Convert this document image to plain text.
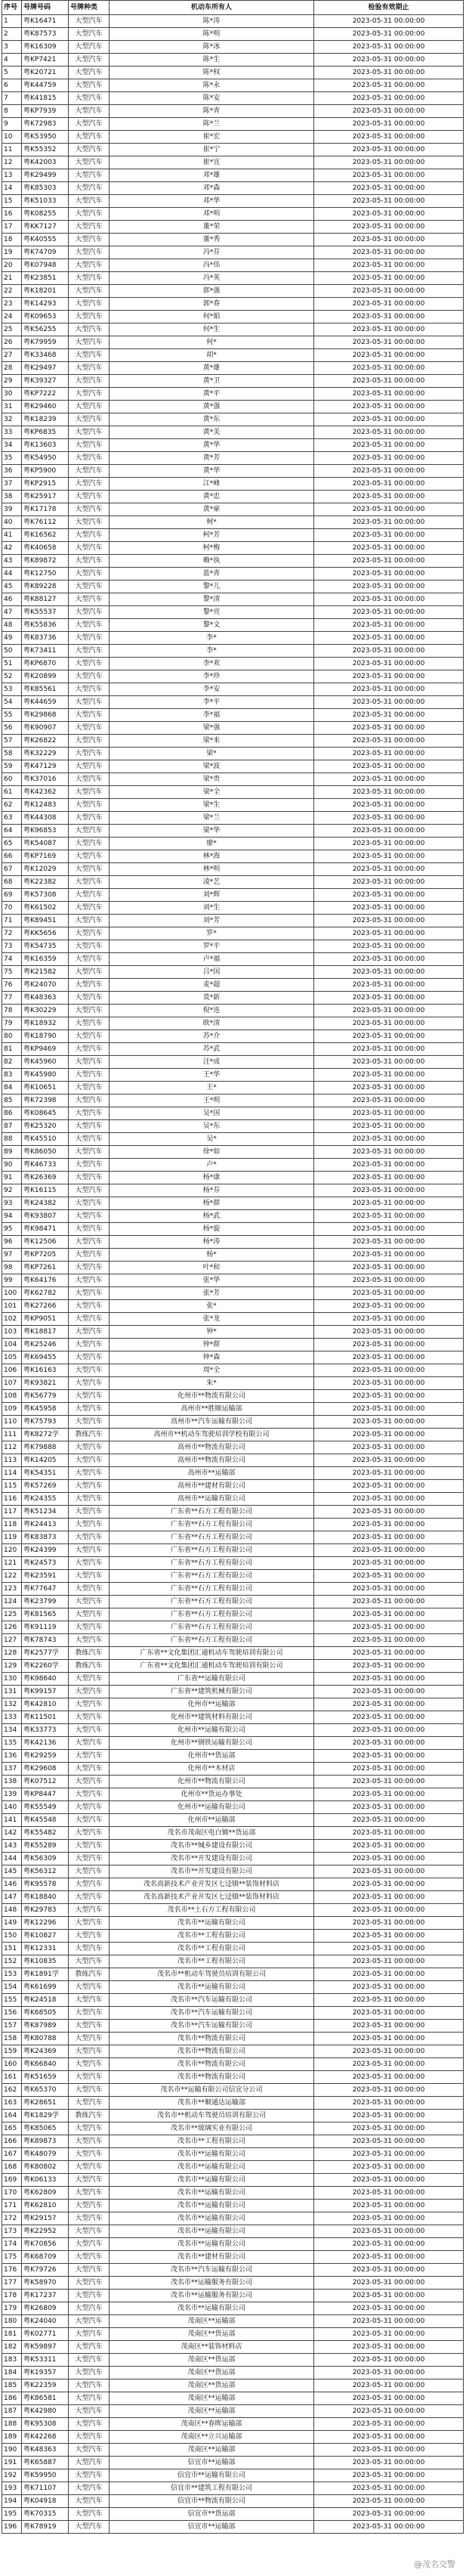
序号	号牌号码	号牌种类	机动车所有人	检验有效期止
1	粤K16471	大型汽车	陈*涛	2023-05-31 00:00:00
2	粤K87573	大型汽车	陈*明	2023-05-31 00:00:00
3	粤K16309	大型汽车	陈*冰	2023-05-31 00:00:00
4	粤KP7421	大型汽车	陈*生	2023-05-31 00:00:00
5	粤K20721	大型汽车	陈*权	2023-05-31 00:00:00
6	粤K44759	大型汽车	陈*永	2023-05-31 00:00:00
7	粤K41815	大型汽车	陈*安	2023-05-31 00:00:00
8	粤KP7939	大型汽车	陈*青	2023-05-31 00:00:00
9	粤K72983	大型汽车	陈*兰	2023-05-31 00:00:00
10	粤K53950	大型汽车	崔*宏	2023-05-31 00:00:00
11	粤K55352	大型汽车	崔*宁	2023-05-31 00:00:00
12	粤K42003	大型汽车	崔*宜	2023-05-31 00:00:00
13	粤K29499	大型汽车	邓*雄	2023-05-31 00:00:00
14	粤K85303	大型汽车	邓*森	2023-05-31 00:00:00
15	粤K51033	大型汽车	邓*华	2023-05-31 00:00:00
16	粤K08255	大型汽车	邓*明	2023-05-31 00:00:00
17	粤KK7127	大型汽车	董*荣	2023-05-31 00:00:00
18	粤K40555	大型汽车	董*秀	2023-05-31 00:00:00
19	粤K74709	大型汽车	冯*芬	2023-05-31 00:00:00
20	粤K07948	大型汽车	冯*伟	2023-05-31 00:00:00
21	粤K23851	大型汽车	冯*英	2023-05-31 00:00:00
22	粤K18201	大型汽车	郭*强	2023-05-31 00:00:00
23	粤K14293	大型汽车	郭*春	2023-05-31 00:00:00
24	粤K09653	大型汽车	何*娟	2023-05-31 00:00:00
25	粤K56255	大型汽车	何*生	2023-05-31 00:00:00
26	粤K79959	大型汽车	何*	2023-05-31 00:00:00
27	粤K33468	大型汽车	胡*	2023-05-31 00:00:00
28	粤K29497	大型汽车	黄*雄	2023-05-31 00:00:00
29	粤K39327	大型汽车	黄*卫	2023-05-31 00:00:00
30	粤KP7222	大型汽车	黄*平	2023-05-31 00:00:00
31	粤K29460	大型汽车	黄*强	2023-05-31 00:00:00
32	粤K18239	大型汽车	黄*东	2023-05-31 00:00:00
33	粤KP6835	大型汽车	黄*美	2023-05-31 00:00:00
34	粤K13603	大型汽车	黄*华	2023-05-31 00:00:00
35	粤K54950	大型汽车	黄*芳	2023-05-31 00:00:00
36	粤KP5900	大型汽车	黄*华	2023-05-31 00:00:00
37	粤KP2915	大型汽车	江*峰	2023-05-31 00:00:00
38	粤K25917	大型汽车	黄*忠	2023-05-31 00:00:00
39	粤K17178	大型汽车	黄*豪	2023-05-31 00:00:00
40	粤K76112	大型汽车	柯*	2023-05-31 00:00:00
41	粤K16562	大型汽车	柯*芳	2023-05-31 00:00:00
42	粤K40658	大型汽车	柯*梅	2023-05-31 00:00:00
43	粤K89872	大型汽车	赖*执	2023-05-31 00:00:00
44	粤K12750	大型汽车	蓝*青	2023-05-31 00:00:00
45	粤K89228	大型汽车	黎*儿	2023-05-31 00:00:00
46	粤K88127	大型汽车	黎*清	2023-05-31 00:00:00
47	粤K55537	大型汽车	黎*亮	2023-05-31 00:00:00
48	粤K55836	大型汽车	黎*文	2023-05-31 00:00:00
49	粤K83736	大型汽车	李*	2023-05-31 00:00:00
50	粤K73411	大型汽车	李*	2023-05-31 00:00:00
51	粤KP6870	大型汽车	李*欢	2023-05-31 00:00:00
52	粤K20899	大型汽车	李*珍	2023-05-31 00:00:00
53	粤K85561	大型汽车	李*安	2023-05-31 00:00:00
54	粤K44659	大型汽车	李*平	2023-05-31 00:00:00
55	粤K29868	大型汽车	李*福	2023-05-31 00:00:00
56	粤K90907	大型汽车	梁*强	2023-05-31 00:00:00
57	粤K26822	大型汽车	梁*来	2023-05-31 00:00:00
58	粤K32229	大型汽车	梁*	2023-05-31 00:00:00
59	粤K47129	大型汽车	梁*波	2023-05-31 00:00:00
60	粤K37016	大型汽车	梁*贵	2023-05-31 00:00:00
61	粤K42362	大型汽车	梁*全	2023-05-31 00:00:00
62	粤K12483	大型汽车	梁*生	2023-05-31 00:00:00
63	粤K44308	大型汽车	梁*兰	2023-05-31 00:00:00
64	粤K96853	大型汽车	梁*华	2023-05-31 00:00:00
65	粤K54087	大型汽车	廖*	2023-05-31 00:00:00
66	粤KP7169	大型汽车	林*海	2023-05-31 00:00:00
67	粤K12029	大型汽车	林*明	2023-05-31 00:00:00
68	粤K22382	大型汽车	凌*艺	2023-05-31 00:00:00
69	粤K57308	大型汽车	刘*辉	2023-05-31 00:00:00
70	粤K61502	大型汽车	刘*生	2023-05-31 00:00:00
71	粤K89451	大型汽车	刘*芳	2023-05-31 00:00:00
72	粤KK5656	大型汽车	罗*	2023-05-31 00:00:00
73	粤K54735	大型汽车	罗*平	2023-05-31 00:00:00
74	粤K16359	大型汽车	卢*福	2023-05-31 00:00:00
75	粤K21582	大型汽车	吕*国	2023-05-31 00:00:00
76	粤K24070	大型汽车	麦*超	2023-05-31 00:00:00
77	粤K48363	大型汽车	莫*新	2023-05-31 00:00:00
78	粤K30229	大型汽车	倪*连	2023-05-31 00:00:00
79	粤K18932	大型汽车	欧*清	2023-05-31 00:00:00
80	粤K18790	大型汽车	苏*介	2023-05-31 00:00:00
81	粤KP9469	大型汽车	苏*武	2023-05-31 00:00:00
82	粤K45960	大型汽车	汪*成	2023-05-31 00:00:00
83	粤K45980	大型汽车	王*华	2023-05-31 00:00:00
84	粤K10651	大型汽车	王*	2023-05-31 00:00:00
85	粤K72398	大型汽车	王*明	2023-05-31 00:00:00
86	粤K08645	大型汽车	吴*国	2023-05-31 00:00:00
87	粤K25320	大型汽车	吴*东	2023-05-31 00:00:00
88	粤K45510	大型汽车	吴*	2023-05-31 00:00:00
89	粤K86050	大型汽车	徐*如	2023-05-31 00:00:00
90	粤K46733	大型汽车	卢*	2023-05-31 00:00:00
91	粤K26369	大型汽车	杨*康	2023-05-31 00:00:00
92	粤K16115	大型汽车	杨*芬	2023-05-31 00:00:00
93	粤K24382	大型汽车	杨*群	2023-05-31 00:00:00
94	粤K93807	大型汽车	杨*武	2023-05-31 00:00:00
95	粤K98471	大型汽车	杨*旋	2023-05-31 00:00:00
96	粤K12506	大型汽车	杨*涛	2023-05-31 00:00:00
97	粤KP7205	大型汽车	杨*	2023-05-31 00:00:00
98	粤KP7261	大型汽车	叶*和	2023-05-31 00:00:00
99	粤K64176	大型汽车	张*华	2023-05-31 00:00:00
100	粤K62782	大型汽车	张*芳	2023-05-31 00:00:00
101	粤K27266	大型汽车	张*	2023-05-31 00:00:00
102	粤KP9051	大型汽车	张*龙	2023-05-31 00:00:00
103	粤K18817	大型汽车	钟*	2023-05-31 00:00:00
104	粤K25246	大型汽车	钟*群	2023-05-31 00:00:00
105	粤K69455	大型汽车	钟*森	2023-05-31 00:00:00
106	粤K16163	大型汽车	周*全	2023-05-31 00:00:00
107	粤K93821	大型汽车	朱*	2023-05-31 00:00:00
108	粤K56779	大型汽车	化州市**物流有限公司	2023-05-31 00:00:00
109	粤K45958	大型汽车	高州市**胜顺运输部	2023-05-31 00:00:00
110	粤K75793	大型汽车	高州市**汽车运输有限公司	2023-05-31 00:00:00
111	粤K8272学	教练汽车	高州市**机动车驾驶培训学校有限公司	2023-05-31 00:00:00
112	粤K79888	大型汽车	高州市**物流有限公司	2023-05-31 00:00:00
113	粤K14205	大型汽车	高州市**物流有限公司	2023-05-31 00:00:00
114	粤K54351	大型汽车	高州市**运输部	2023-05-31 00:00:00
115	粤K57269	大型汽车	高州市**建材有限公司	2023-05-31 00:00:00
116	粤K24355	大型汽车	高州市**运输有限公司	2023-05-31 00:00:00
117	粤K51234	大型汽车	广东省**石方工程有限公司	2023-05-31 00:00:00
118	粤K24413	大型汽车	广东省**石方工程有限公司	2023-05-31 00:00:00
119	粤K83873	大型汽车	广东省**石方工程有限公司	2023-05-31 00:00:00
120	粤K24399	大型汽车	广东省**石方工程有限公司	2023-05-31 00:00:00
121	粤K24573	大型汽车	广东省**石方工程有限公司	2023-05-31 00:00:00
122	粤K23591	大型汽车	广东省**石方工程有限公司	2023-05-31 00:00:00
123	粤K77647	大型汽车	广东省**石方工程有限公司	2023-05-31 00:00:00
124	粤K23799	大型汽车	广东省**石方工程有限公司	2023-05-31 00:00:00
125	粤K81565	大型汽车	广东省**石方工程有限公司	2023-05-31 00:00:00
126	粤K91119	大型汽车	广东省**石方工程有限公司	2023-05-31 00:00:00
127	粤K78743	大型汽车	广东省**石方工程有限公司	2023-05-31 00:00:00
128	粤K2577学	教练汽车	广东省**文化集团汇通机动车驾驶培训有限公司	2023-05-31 00:00:00
129	粤K2260学	教练汽车	广东省**文化集团汇通机动车驾驶培训有限公司	2023-05-31 00:00:00
130	粤K98640	大型汽车	广东省**运输有限公司	2023-05-31 00:00:00
131	粤K99157	大型汽车	广东省**建筑机械有限公司	2023-05-31 00:00:00
132	粤K42810	大型汽车	化州市**运输部	2023-05-31 00:00:00
133	粤K11501	大型汽车	化州市**建筑材料有限公司	2023-05-31 00:00:00
134	粤K33773	大型汽车	化州市**运输有限公司	2023-05-31 00:00:00
135	粤K42136	大型汽车	化州市**钢铁运输有限公司	2023-05-31 00:00:00
136	粤K29259	大型汽车	化州市**货运部	2023-05-31 00:00:00
137	粤K29608	大型汽车	化州市**木材店	2023-05-31 00:00:00
138	粤K07512	大型汽车	化州市**物流有限公司	2023-05-31 00:00:00
139	粤KP8447	大型汽车	化州市**货运办事处	2023-05-31 00:00:00
140	粤K55549	大型汽车	化州市**运输有限公司	2023-05-31 00:00:00
141	粤K45548	大型汽车	化州市**运输部	2023-05-31 00:00:00
142	粤K55482	大型汽车	茂名市茂南区电白镇**货运部	2023-05-31 00:00:00
143	粤K55289	大型汽车	茂名市**城乡建设有限公司	2023-05-31 00:00:00
144	粤K56309	大型汽车	茂名市**开发建设有限公司	2023-05-31 00:00:00
145	粤K56312	大型汽车	茂名市**开发建设有限公司	2023-05-31 00:00:00
146	粤K95578	大型汽车	茂名高新技术产业开发区七迳镇**装饰材料店	2023-05-31 00:00:00
147	粤K18840	大型汽车	茂名高新技术产业开发区七迳镇**装饰材料店	2023-05-31 00:00:00
148	粤K29783	大型汽车	茂名市**土石方工程有限公司	2023-05-31 00:00:00
149	粤K12296	大型汽车	茂名市**运输有限公司	2023-05-31 00:00:00
150	粤K10827	大型汽车	茂名市**工程有限公司	2023-05-31 00:00:00
151	粤K12331	大型汽车	茂名市**工程有限公司	2023-05-31 00:00:00
152	粤K10835	大型汽车	茂名市**工程有限公司	2023-05-31 00:00:00
153	粤K1891学	教练汽车	茂名市**机动车驾驶员培训有限公司	2023-05-31 00:00:00
154	粤K61699	大型汽车	茂名市**运输有限公司	2023-05-31 00:00:00
155	粤K24518	大型汽车	茂名市**汽车运输有限公司	2023-05-31 00:00:00
156	粤K68505	大型汽车	茂名市**汽车运输有限公司	2023-05-31 00:00:00
157	粤K87989	大型汽车	茂名市**汽车运输有限公司	2023-05-31 00:00:00
158	粤K80788	大型汽车	茂名市**物流有限公司	2023-05-31 00:00:00
159	粤K24369	大型汽车	茂名市**物流有限公司	2023-05-31 00:00:00
160	粤K66840	大型汽车	茂名市**物流有限公司	2023-05-31 00:00:00
161	粤K51659	大型汽车	茂名市**物流有限公司	2023-05-31 00:00:00
162	粤K65370	大型汽车	茂名市**运输有限公司信宜分公司	2023-05-31 00:00:00
163	粤K28651	大型汽车	茂名市**顺通达运输部	2023-05-31 00:00:00
164	粤K1829学	教练汽车	茂名市**机动车驾驶员培训有限公司	2023-05-31 00:00:00
165	粤K85065	大型汽车	茂名市**玻璃实业有限公司	2023-05-31 00:00:00
166	粤K89873	大型汽车	茂名市**工程有限公司	2023-05-31 00:00:00
167	粤K48079	大型汽车	茂名市**运输有限公司	2023-05-31 00:00:00
168	粤K80802	大型汽车	茂名市**运输有限公司	2023-05-31 00:00:00
169	粤K06133	大型汽车	茂名市**运输有限公司	2023-05-31 00:00:00
170	粤K62809	大型汽车	茂名市**运输有限公司	2023-05-31 00:00:00
171	粤K62810	大型汽车	茂名市**运输有限公司	2023-05-31 00:00:00
172	粤K29157	大型汽车	茂名市**运输有限公司	2023-05-31 00:00:00
173	粤K22952	大型汽车	茂名市**运输有限公司	2023-05-31 00:00:00
174	粤K70856	大型汽车	茂名市**运输有限公司	2023-05-31 00:00:00
175	粤K68709	大型汽车	茂名市**建材有限公司	2023-05-31 00:00:00
176	粤K79726	大型汽车	茂名市**汽车运输有限公司	2023-05-31 00:00:00
177	粤K58970	大型汽车	茂名市**运输服务有限公司	2023-05-31 00:00:00
178	粤K17237	大型汽车	茂名市**运输服务有限公司	2023-05-31 00:00:00
179	粤K26809	大型汽车	茂名市**运输有限公司	2023-05-31 00:00:00
180	粤K24040	大型汽车	茂南区**运输部	2023-05-31 00:00:00
181	粤K02771	大型汽车	茂南区**货运部	2023-05-31 00:00:00
182	粤K59897	大型汽车	茂南区**装饰材料店	2023-05-31 00:00:00
183	粤K53311	大型汽车	茂南区**货运部	2023-05-31 00:00:00
184	粤K19357	大型汽车	茂南区**货运部	2023-05-31 00:00:00
185	粤K22359	大型汽车	茂南区**货运部	2023-05-31 00:00:00
186	粤K86581	大型汽车	茂南区**运输部	2023-05-31 00:00:00
187	粤K42980	大型汽车	茂南区**运输部	2023-05-31 00:00:00
188	粤K95308	大型汽车	茂南区**春晖运输部	2023-05-31 00:00:00
189	粤K42268	大型汽车	茂南区**立兴运输部	2023-05-31 00:00:00
190	粤K48363	大型汽车	茂南区**运输部	2023-05-31 00:00:00
191	粤K65887	大型汽车	信宜市**运输部	2023-05-31 00:00:00
192	粤K59950	大型汽车	信宜市**运输有限公司	2023-05-31 00:00:00
193	粤K71107	大型汽车	信宜市**建筑工程有限公司	2023-05-31 00:00:00
194	粤K04918	大型汽车	信宜市**物流有限公司	2023-05-31 00:00:00
195	粤K70315	大型汽车	信宜市**货运部	2023-05-31 00:00:00
196	粤K78919	大型汽车	信宜市**运输部	2023-05-31 00:00:00
@茂名交警
